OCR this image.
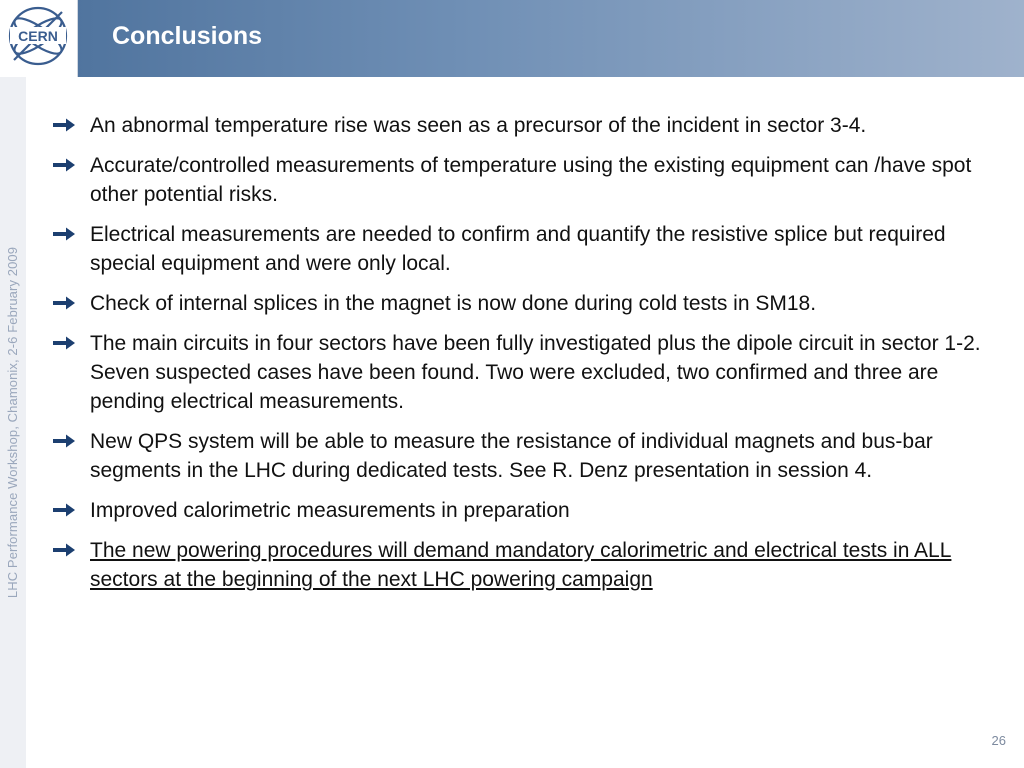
CERN Conclusions
LHC Performance Workshop, Chamonix, 2-6 February 2009
An abnormal temperature rise was seen as a precursor of the incident in sector 3-4.
Accurate/controlled measurements of temperature using the existing equipment can /have spot other potential risks.
Electrical measurements are needed to confirm and quantify the resistive splice but required special equipment and were only local.
Check of internal splices in the magnet is now done during cold tests in SM18.
The main circuits in four sectors have been fully investigated plus the dipole circuit in sector 1-2. Seven suspected cases have been found. Two were excluded, two confirmed and three are pending electrical measurements.
New QPS system will be able to measure the resistance of individual magnets and bus-bar segments in the LHC during dedicated tests. See R. Denz presentation in session 4.
Improved calorimetric measurements in preparation
The new powering procedures will demand mandatory calorimetric and electrical tests in ALL sectors at the beginning of the next LHC powering campaign
26
